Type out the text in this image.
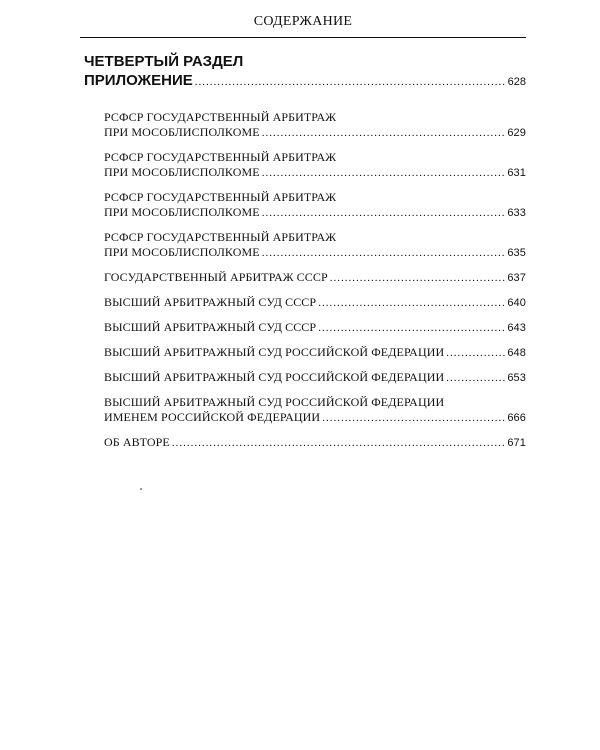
СОДЕРЖАНИЕ
ЧЕТВЕРТЫЙ РАЗДЕЛ
ПРИЛОЖЕНИЕ .....	628
РСФСР ГОСУДАРСТВЕННЫЙ АРБИТРАЖ
ПРИ МОСОБЛИСПОЛКОМЕ .....	629
РСФСР ГОСУДАРСТВЕННЫЙ АРБИТРАЖ
ПРИ МОСОБЛИСПОЛКОМЕ .....	631
РСФСР ГОСУДАРСТВЕННЫЙ АРБИТРАЖ
ПРИ МОСОБЛИСПОЛКОМЕ .....	633
РСФСР ГОСУДАРСТВЕННЫЙ АРБИТРАЖ
ПРИ МОСОБЛИСПОЛКОМЕ .....	635
ГОСУДАРСТВЕННЫЙ АРБИТРАЖ СССР .....	637
ВЫСШИЙ АРБИТРАЖНЫЙ СУД СССР .....	640
ВЫСШИЙ АРБИТРАЖНЫЙ СУД СССР .....	643
ВЫСШИЙ АРБИТРАЖНЫЙ СУД РОССИЙСКОЙ ФЕДЕРАЦИИ .....	648
ВЫСШИЙ АРБИТРАЖНЫЙ СУД РОССИЙСКОЙ ФЕДЕРАЦИИ .....	653
ВЫСШИЙ АРБИТРАЖНЫЙ СУД РОССИЙСКОЙ ФЕДЕРАЦИИ
ИМЕНЕМ РОССИЙСКОЙ ФЕДЕРАЦИИ .....	666
ОБ АВТОРЕ .....	671
